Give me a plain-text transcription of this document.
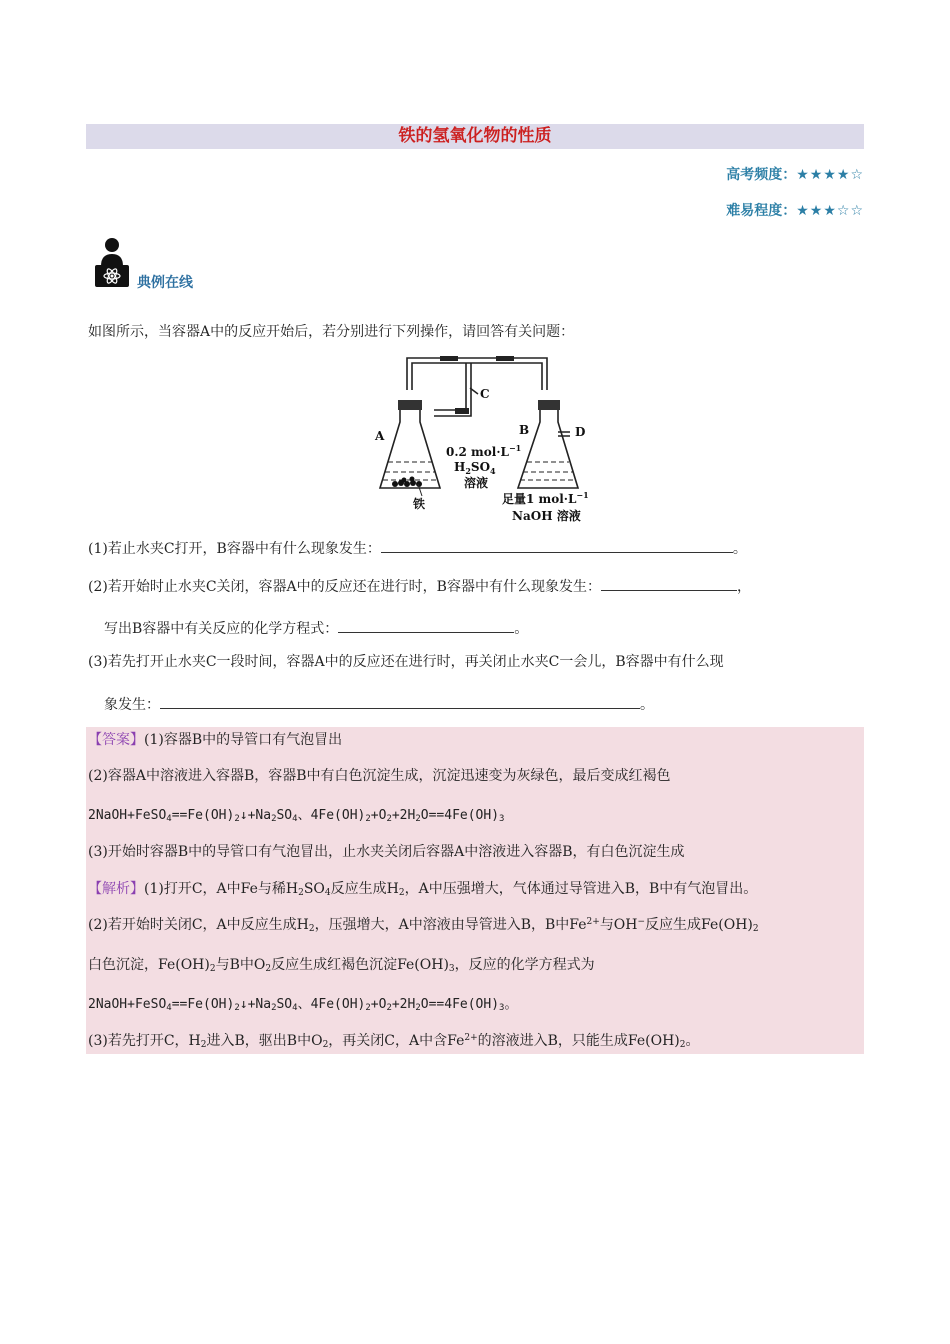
铁的氢氧化物的性质
高考频度：★★★★☆
难易程度：★★★☆☆
典例在线
如图所示，当容器A中的反应开始后，若分别进行下列操作，请回答有关问题：
A	B
C
D
0.2 $mol\cdot L^{-1}$
$H_2SO_4$
溶液
铁	足量1 $mol\cdot L^{-1}$
NaOH 溶液
(1)若止水夹C打开，B容器中有什么现象发生：	。
(2)若开始时止水夹C关闭，容器A中的反应还在进行时，B容器中有什么现象发生：	，
写出B容器中有关反应的化学方程式：	。
(3)若先打开止水夹C一段时间，容器A中的反应还在进行时，再关闭止水夹C一会儿，B容器中有什么现
象发生：	。
【答案】(1)容器B中的导管口有气泡冒出
(2)容器A中溶液进入容器B，容器B中有白色沉淀生成，沉淀迅速变为灰绿色，最后变成红褐色
$2NaOH+FeSO_4==Fe(OH)_2↓+Na_2SO_4$、$4Fe(OH)_2+O_2+2H_2O==4Fe(OH)_3$
(3)开始时容器B中的导管口有气泡冒出，止水夹关闭后容器A中溶液进入容器B，有白色沉淀生成
【解析】(1)打开C，A中Fe与稀$H_2SO_4$反应生成$H_2$，A中压强增大，气体通过导管进入B，B中有气泡冒出。
(2)若开始时关闭C，A中反应生成$H_2$，压强增大，A中溶液由导管进入B，B中$Fe^{2+}$与OH−反应生成$Fe(OH)_2$
白色沉淀，$Fe(OH)_2$与B中$O_2$反应生成红褐色沉淀$Fe(OH)_3$，反应的化学方程式为
$2NaOH+FeSO_4==Fe(OH)_2↓+Na_2SO_4$、$4Fe(OH)_2+O_2+2H_2O==4Fe(OH)_3$。
(3)若先打开C，$H_2$进入B，驱出B中$O_2$，再关闭C，A中含$Fe^{2+}$的溶液进入B，只能生成$Fe(OH)_2$。
